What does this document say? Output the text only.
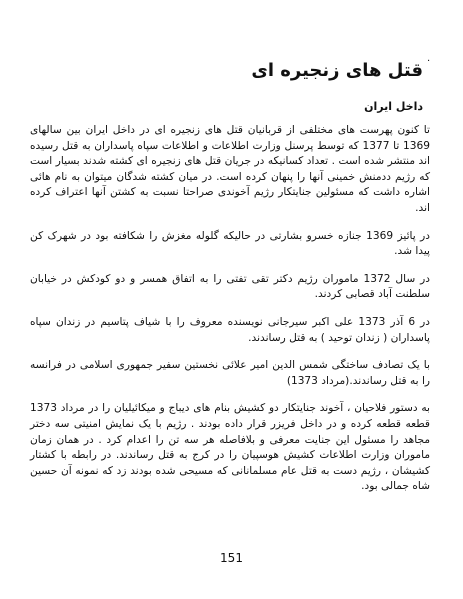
.
قتل های زنجیره ای
داخل ایران

تا کنون پهرست های مختلفی از قربانیان قتل های زنجیره ای در داخل ایران بین سالهای 1369 تا 1377 که توسط پرسنل وزارت اطلاعات و اطلاعات سپاه پاسداران به قتل رسیده اند منتشر شده است . تعداد کسانیکه در جریان قتل های زنجیره ای کشته شدند بسیار است که رژیم ددمنش خمینی آنها را پنهان کرده است. در میان کشته شدگان میتوان به نام هائی اشاره داشت که مسئولین جنایتکار رژیم آخوندی صراحتا نسبت به کشتن آنها اعتراف کرده اند.

در پائیز 1369 جنازه خسرو بشارتی در حالیکه گلوله مغزش را شکافته بود در شهرک کن پیدا شد.

در سال 1372 ماموران رژیم دکتر تقی تفتی را به اتفاق همسر و دو کودکش در خیابان سلطنت آباد قصابی کردند.

در 6 آذر 1373 علی اکبر سیرجانی نویسنده معروف را با شیاف پتاسیم در زندان سپاه پاسداران ( زندان توحید ) به قتل رساندند.

با یک تصادف ساختگی شمس الدین امیر علائی نخستین سفیر جمهوری اسلامی در فرانسه را به قتل رساندند.(مرداد 1373)

به دستور فلاحیان ، آخوند جنایتکار دو کشیش بنام های دیباج و میکائیلیان را در مرداد 1373 قطعه قطعه کرده و در داخل فریزر قرار داده بودند . رژیم با یک نمایش امنیتی سه دختر مجاهد را مسئول این جنایت معرفی و بلافاصله هر سه تن را اعدام کرد . در همان زمان ماموران وزارت اطلاعات کشیش هوسپیان را در کرج به قتل رساندند. در رابطه با کشتار کشیشان ، رژیم دست به قتل عام مسلمانانی که مسیحی شده بودند زد که نمونه آن حسین شاه جمالی بود.

151
